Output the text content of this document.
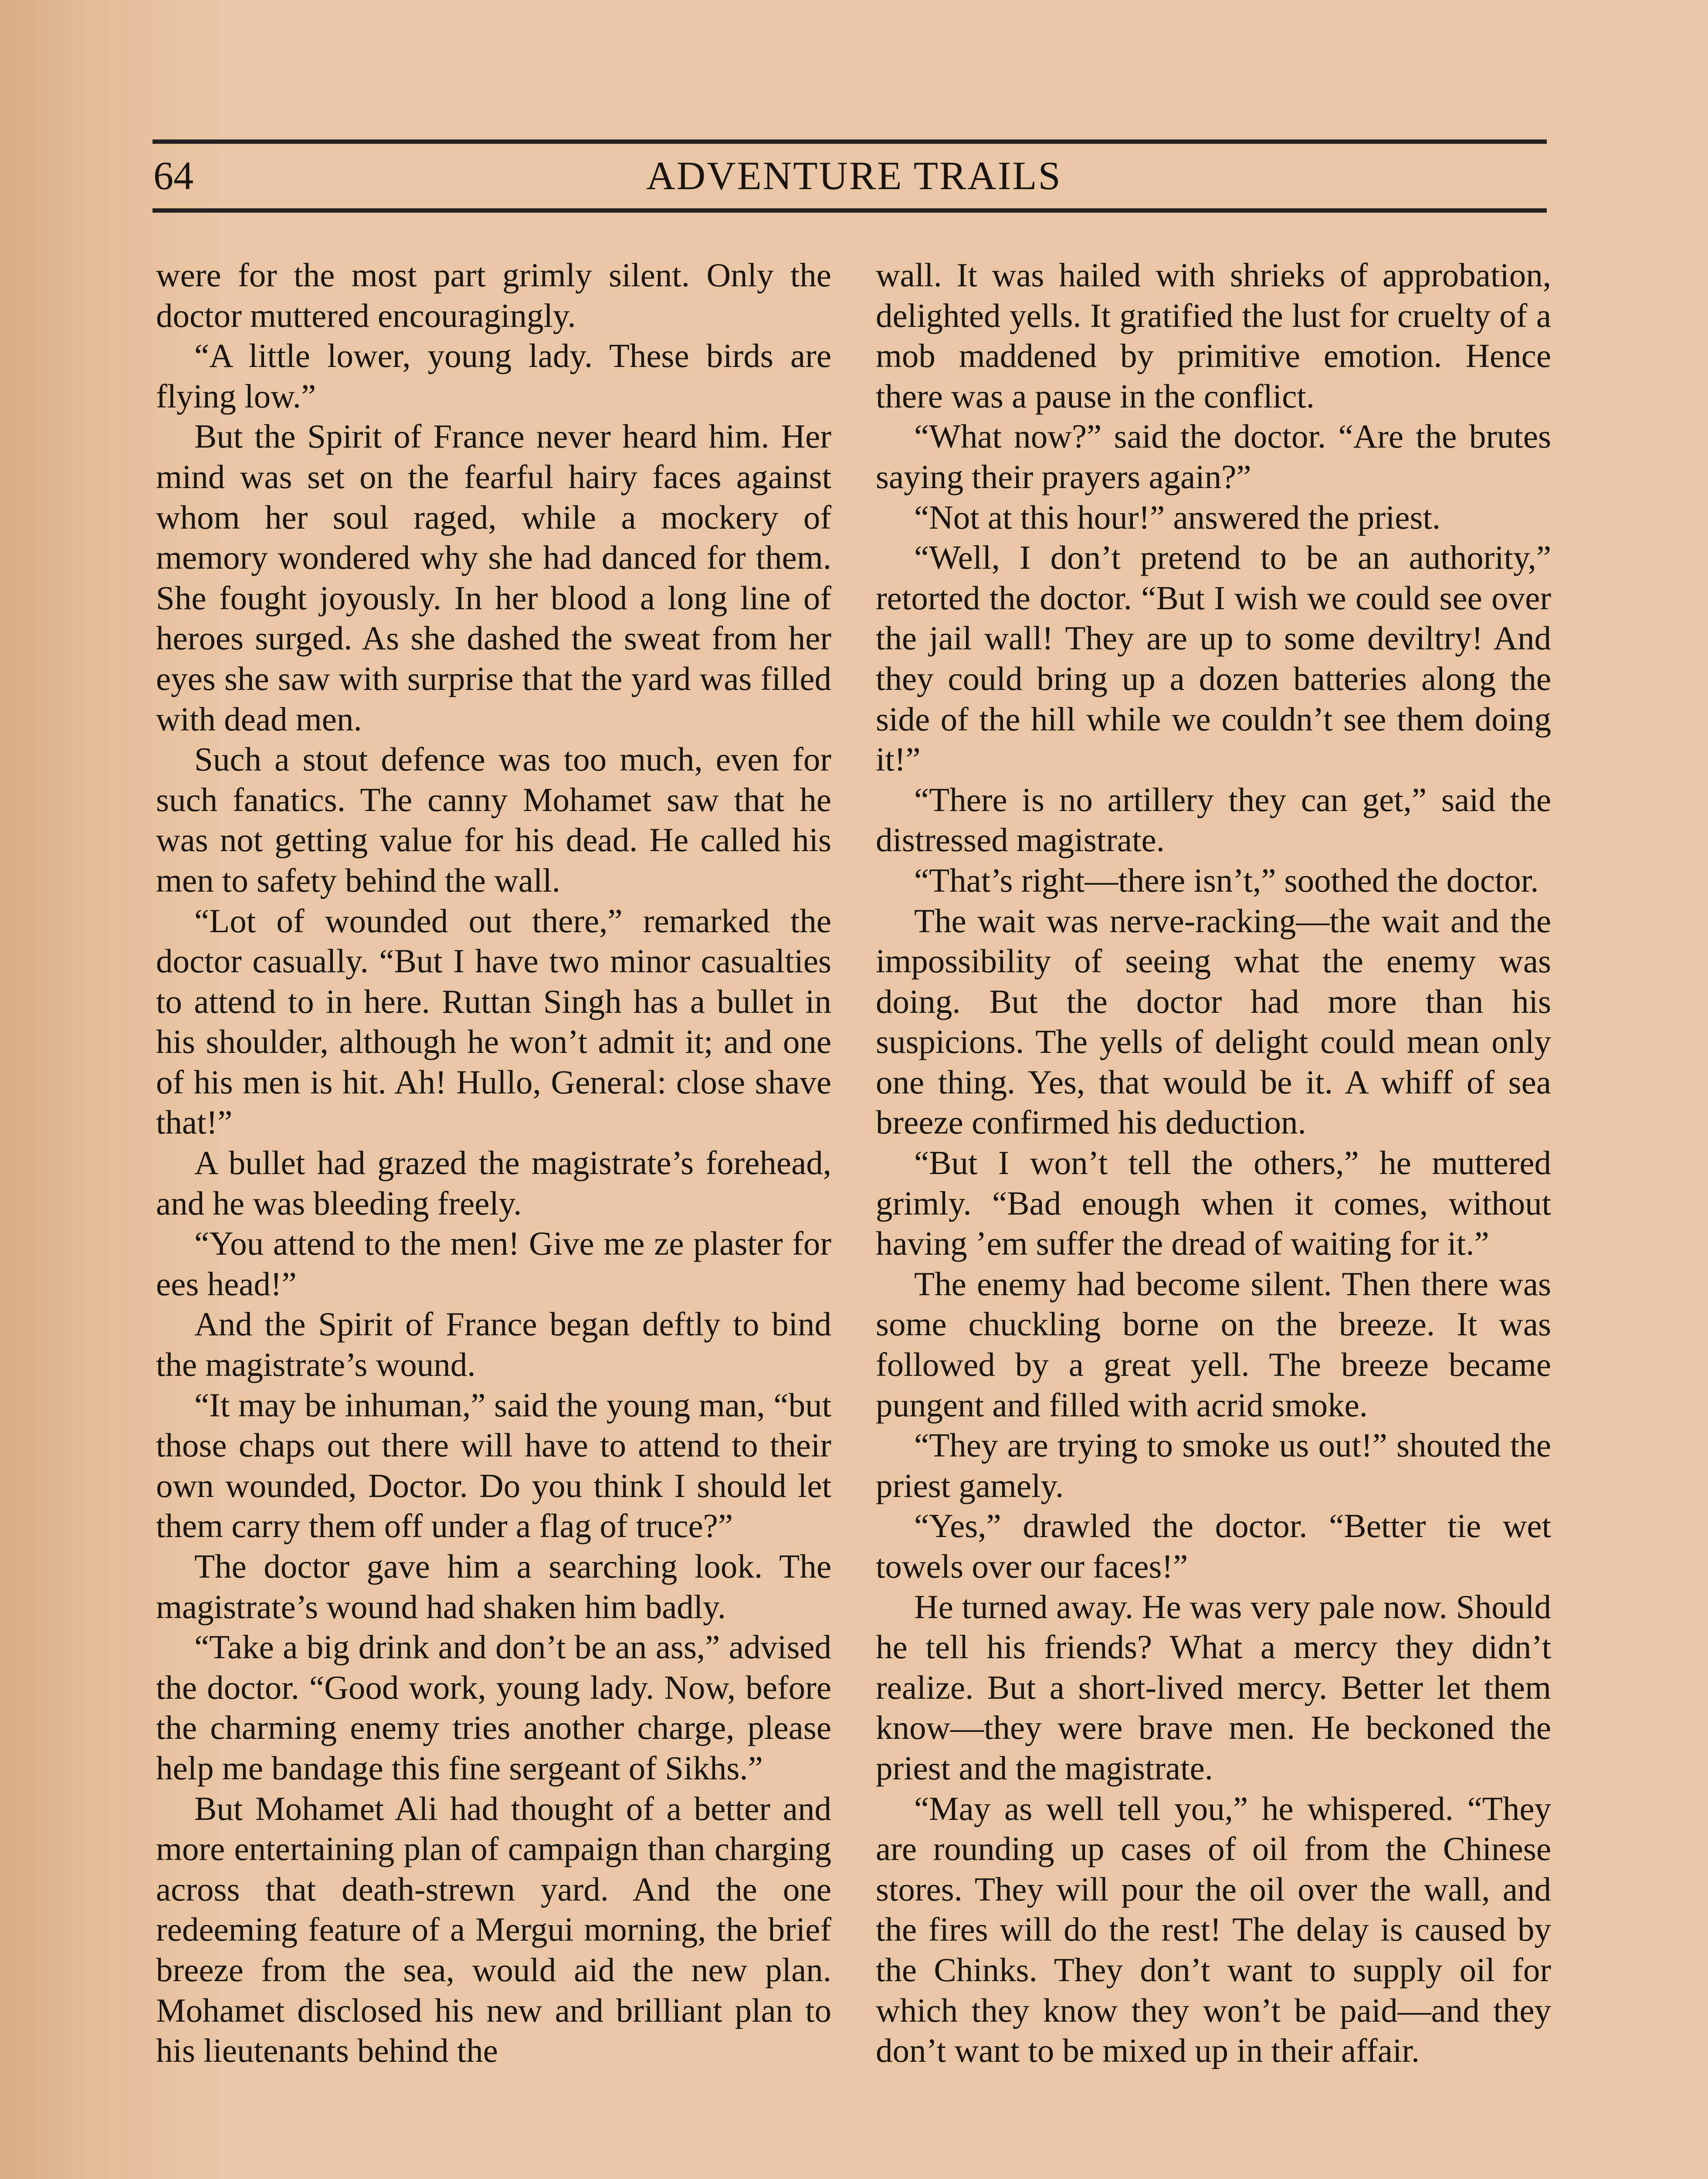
64	ADVENTURE TRAILS

were for the most part grimly silent. Only the doctor muttered encouragingly.

“A little lower, young lady. These birds are flying low.”

But the Spirit of France never heard him. Her mind was set on the fearful hairy faces against whom her soul raged, while a mockery of memory wondered why she had danced for them. She fought joyously. In her blood a long line of heroes surged. As she dashed the sweat from her eyes she saw with surprise that the yard was filled with dead men.

Such a stout defence was too much, even for such fanatics. The canny Mohamet saw that he was not getting value for his dead. He called his men to safety behind the wall.

“Lot of wounded out there,” remarked the doctor casually. “But I have two minor casualties to attend to in here. Ruttan Singh has a bullet in his shoulder, although he won’t admit it; and one of his men is hit. Ah! Hullo, General: close shave that!”

A bullet had grazed the magistrate’s forehead, and he was bleeding freely.

“You attend to the men! Give me ze plaster for ees head!”

And the Spirit of France began deftly to bind the magistrate’s wound.

“It may be inhuman,” said the young man, “but those chaps out there will have to attend to their own wounded, Doctor. Do you think I should let them carry them off under a flag of truce?”

The doctor gave him a searching look. The magistrate’s wound had shaken him badly.

“Take a big drink and don’t be an ass,” advised the doctor. “Good work, young lady. Now, before the charming enemy tries another charge, please help me bandage this fine sergeant of Sikhs.”

But Mohamet Ali had thought of a better and more entertaining plan of campaign than charging across that death-strewn yard. And the one redeeming feature of a Mergui morning, the brief breeze from the sea, would aid the new plan. Mohamet disclosed his new and brilliant plan to his lieutenants behind the

wall. It was hailed with shrieks of approbation, delighted yells. It gratified the lust for cruelty of a mob maddened by primitive emotion. Hence there was a pause in the conflict.

“What now?” said the doctor. “Are the brutes saying their prayers again?”

“Not at this hour!” answered the priest.

“Well, I don’t pretend to be an authority,” retorted the doctor. “But I wish we could see over the jail wall! They are up to some deviltry! And they could bring up a dozen batteries along the side of the hill while we couldn’t see them doing it!”

“There is no artillery they can get,” said the distressed magistrate.

“That’s right—there isn’t,” soothed the doctor.

The wait was nerve-racking—the wait and the impossibility of seeing what the enemy was doing. But the doctor had more than his suspicions. The yells of delight could mean only one thing. Yes, that would be it. A whiff of sea breeze confirmed his deduction.

“But I won’t tell the others,” he muttered grimly. “Bad enough when it comes, without having ’em suffer the dread of waiting for it.”

The enemy had become silent. Then there was some chuckling borne on the breeze. It was followed by a great yell. The breeze became pungent and filled with acrid smoke.

“They are trying to smoke us out!” shouted the priest gamely.

“Yes,” drawled the doctor. “Better tie wet towels over our faces!”

He turned away. He was very pale now. Should he tell his friends? What a mercy they didn’t realize. But a short-lived mercy. Better let them know—they were brave men. He beckoned the priest and the magistrate.

“May as well tell you,” he whispered. “They are rounding up cases of oil from the Chinese stores. They will pour the oil over the wall, and the fires will do the rest! The delay is caused by the Chinks. They don’t want to supply oil for which they know they won’t be paid—and they don’t want to be mixed up in their affair.
